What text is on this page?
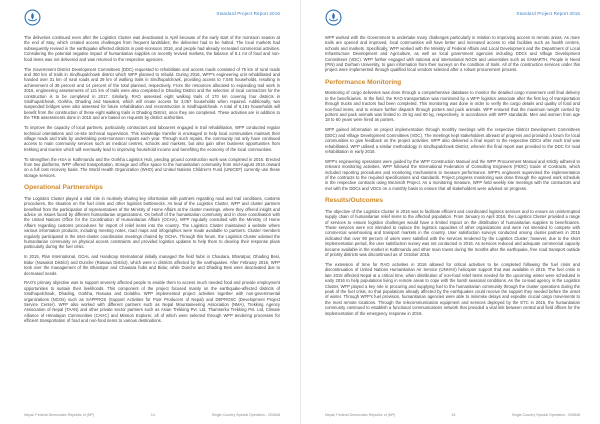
Standard Project Report 2016

The deliveries continued even after the Logistics Cluster was deactivated in April because of the early start of the monsoon season at the end of May, which created access challenges from frequent landslides; the deliveries had to be halted. The local markets had subsequently revived in the earthquake affected districts in post-monsoon 2016, and people had already recreated commercial activities. Considering the potential negative impact of humanitarian supplies on recently revived markets, the balance of 8.1 mt of food and non-food items was not delivered and was returned to the respective agencies.

The Government District Development Committees (DDC) requested to rehabilitate and access roads consisted of 75 km of rural roads and 300 km of trails in Sindhupalchowk district which WFP planned to rebuild. During 2016, WFP's engineering unit rehabilitated and handed over 31 km of rural roads and 29 km of walking trails in Sindhupalchowk, providing access to 7,046 households, resulting in achievement of 39 percent and 14 percent of the total planned, respectively. From the resources allocated to expanding trail work in 2016, engineering assessments of 121 km of trails were also completed in Dhading District and the selection of local contractors for the construction is to be completed in 2017. Similarly, RAO assessed eight walking trails of 170 km covering four districts in Sindhupalchowk, Gorkha, Dhading and Nuwakot, which will create access for 3,057 households when repaired. Additionally, two suspended bridges were also assessed for future rehabilitation and reconstruction in Sindhupalchowk. A total of 6,181 households will benefit from the construction of these eight walking trails in Dhading District, once they are completed. These activities are in addition to the TRB assessments done in 2015 and are based on requests by district authorities.

To improve the capacity of local partners, particularly contractors and labourers engaged in trail rehabilitation, WFP conducted regular technical orientations and on-site technical supervision. This knowledge transfer is envisaged to help local communities maintain their village roads and trails by undertaking post-monsoon repairs each year. Through such repairs, the community not only have continued access to main community services such as medical centres, schools and markets, but also gain other business opportunities from trekking and tourism which will eventually lead to improving household income and benefiting the economy of the local communities.

To strengthen the HSA in Kathmandu and the Gorkha Logistics Hub, pending ground construction work was completed in 2016. Erected from two platforms, WFP offered transportation, storage and office space to the humanitarian community from mid-August 2016 onward on a full cost recovery basis. The World Health Organization (WHO) and United Nations Children's Fund (UNICEF) currently use these storage services.

Operational Partnerships

The Logistics Cluster played a vital role in routinely sharing key information with partners regarding road and trail conditions, customs procedures, the situation on the fuel crisis and other logistics bottlenecks. As lead of the Logistics Cluster, WFP and cluster partners benefited from the participation of representatives of the Ministry of Home Affairs at the cluster meetings, where they offered insight and advice on issues faced by different humanitarian organizations. On behalf of the humanitarian community and in close coordination with the United Nations Office for the Coordination of Humanitarian Affairs (OCHA), WFP regularly consulted with the Ministry of Home Affairs regarding customs procedures for import of relief items into the country. The Logistics Cluster maintained a website where various information products, including meeting notes, road maps and infographics were made available to partners. Cluster members regularly participated in the inter-cluster coordination meetings chaired by OCHA. Through this forum, the Logistics Cluster advised the humanitarian community on physical access constraints and provided logistics updates to help them to develop their response plans particularly during the fuel crisis.

In 2015, Plan International, GOAL and Handicap International initially managed the field hubs in Chautara, Bharatpur, Dhading Besi, Bidur (Nuwakot District) and Dunche (Rasuwa District), which were in districts affected by the earthquakes. After February 2016, WFP took over the management of the Bharatpur and Chautara hubs and Bidur, while Dunche and Dhading Besi were deactivated due to decreased needs.

RAO's primary objective was to support severely affected people to enable them to access much needed food and provide employment opportunities to sustain their livelihoods. This component of the project focused mainly on the earthquake-affected districts of Sindhupalchowk, Dhading, Gorkha, Rasuwa and Dolakha. WFP implemented project activities together with non-governmental organizations (NGOs) such as SAPPROS (Support Activities for Poor Producers of Nepal) and DEPROSC (Development Project Service Center). WFP also worked with different partners such as Nepal Mountaineering Association (NMA), Trekking Agency Association of Nepal (TAAN) and other private sector partners such as Asian Trekking Pvt. Ltd, Thamserku Trekking Pvt. Ltd, Climate Alliance of Himalayan Communities (CAHC) and Mission Explorer, all of which were selected through WFP tendering processes for efficient transportation of food and non-food items to various destinations.

Nepal, Federal Democratic Republic of (NP)	14	Single Country Special Operation - 200848
Standard Project Report 2016

WFP worked with the Government to undertake many challenges particularly in relation to improving access to remote areas. As more trails are opened and improved, local communities will have better and increased access to vital facilities such as health centres, schools and markets. Specifically, WFP worked with the Ministry of Federal Affairs and Local Development and the Department of Local Infrastructure Development and Agriculture, as well as local government agencies including DDCs and Village Development Committees (VDC). WFP further engaged with national and international NGOs and universities such as SAMARTH, People in Need (PIN) and Durham University, to gain information from their surveys on the condition of trails. All of the construction services under this project were implemented through qualified local vendors selected after a robust procurement process.

Performance Monitoring

Monitoring of cargo deliveries was done through a comprehensive database to monitor the detailed cargo movement until final delivery to the beneficiaries. In the field, the RAO transportation was monitored by a WFP logistics associate after the first leg of transportation through trucks and tractors had been completed. This monitoring was done in order to verify the cargo details and quality of food and non-food items, and to ensure further dispatch through porters and pack animals. WFP ensured that the maximum weight carried by porters and pack animals was limited to 30 kg and 60 kg, respectively, in accordance with WFP standards. Men and women from age 18 to 60 years were hired as porters.

WFP gained information on project implementation through monthly meetings with the respective District Development Committees (DDC) and Village Development Committees (VDC). The meetings kept stakeholders abreast of progress and provided a forum for local communities to give feedback on the project activities. WFP also delivered a final report to the respective DDCs after each trail was rehabilitated. WFP utilised a similar methodology in Sindhupalchowk District, wherein the final report was provided to the DDC for road rehabilitation in early 2016.

WFP's engineering operations were guided by the WFP Construction Manual and the WFP Procurement Manual and strictly adhered to relevant monitoring activities. WFP followed the International Federation of Consulting Engineers (FIDIC) Guide of Contracts, which included reporting procedures and monitoring mechanisms to measure performance. WFP's engineers supervised the implementation of the contracts to the required specifications and standards. Project progress monitoring was done through the agreed work schedule in the respective contracts using Microsoft Project. As a monitoring measure, WFP held weekly site meetings with the contractors and met with the DDCs and VDCs on a monthly basis to ensure that all stakeholders were advised on progress.

Results/Outcomes

The objective of the Logistics Cluster in 2016 was to facilitate efficient and coordinated logistics services and to ensure an uninterrupted supply chain of humanitarian relief items to the affected population. From January to April 2016, the Logistics Cluster provided a range of services to ensure logistics challenges would have a limited impact on the distribution of humanitarian supplies to beneficiaries. These services were not intended to replace the logistics capacities of other organizations and were not intended to compete with commercial warehousing and transport markets in the country. User satisfaction surveys conducted among cluster partners in 2015 indicated that over 90 percent of users were satisfied with the services rendered by the Logistics Cluster; however, due to the short implementation period, the user satisfaction survey was not conducted in 2016. As services reduced and adequate commercial capacity became available in the market in Kathmandu and other main towns during the months after the earthquake, free road transport outside of priority districts was discontinued as of October 2015.

The extension of time for RAO activities in 2016 allowed for critical activities to be completed following the fuel crisis and discontinuation of United Nations Humanitarian Air Service (UNHAS) helicopter support that was available in 2015. The fuel crisis in late 2015 affected Nepal at a critical time, when distribution of non-food relief items needed for the upcoming winter were scheduled in early 2016 to help populations living in remote areas to cope with the harsh seasonal conditions. As the co-lead agency in the Logistics Cluster, WFP played a key role in procuring and supplying fuel to the humanitarian community through the cluster operations during the peak of the fuel crisis, so that populations already affected by the earthquakes could receive the support they needed before the onset of winter. Through WFP's fuel provision, humanitarian agencies were able to minimise delays and expedite crucial cargo movements to the most remote locations. Through the telecommunication equipment and services deployed by the ETC in 2015, the humanitarian community continued to establish a functional communications network that provided a vital link between central and field offices for the implementation of the emergency response in 2016.

Nepal, Federal Democratic Republic of (NP)	15	Single Country Special Operation - 200848
